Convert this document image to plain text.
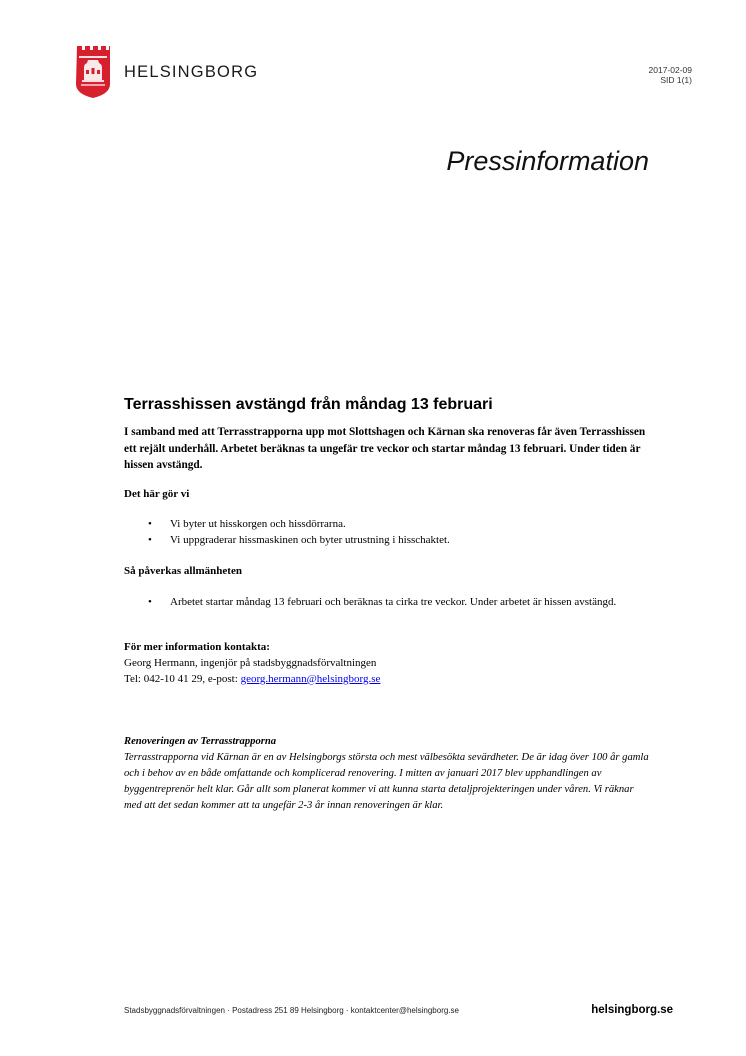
HELSINGBORG	2017-02-09
SID 1(1)
Pressinformation
Terrasshissen avstängd från måndag 13 februari

I samband med att Terrasstrapporna upp mot Slottshagen och Kärnan ska renoveras får även Terrasshissen ett rejält underhåll. Arbetet beräknas ta ungefär tre veckor och startar måndag 13 februari. Under tiden är hissen avstängd.

Det här gör vi

• Vi byter ut hisskorgen och hissdörrarna.
• Vi uppgraderar hissmaskinen och byter utrustning i hisschaktet.

Så påverkas allmänheten

• Arbetet startar måndag 13 februari och beräknas ta cirka tre veckor. Under arbetet är hissen avstängd.
För mer information kontakta:
Georg Hermann, ingenjör på stadsbyggnadsförvaltningen
Tel: 042-10 41 29, e-post: georg.hermann@helsingborg.se
Renoveringen av Terrasstrapporna
Terrasstrapporna vid Kärnan är en av Helsingborgs största och mest välbesökta sevärdheter. De är idag över 100 år gamla och i behov av en både omfattande och komplicerad renovering. I mitten av januari 2017 blev upphandlingen av byggentreprenör helt klar. Går allt som planerat kommer vi att kunna starta detaljprojekteringen under våren. Vi räknar med att det sedan kommer att ta ungefär 2-3 år innan renoveringen är klar.
Stadsbyggnadsförvaltningen · Postadress 251 89 Helsingborg · kontaktcenter@helsingborg.se	helsingborg.se
